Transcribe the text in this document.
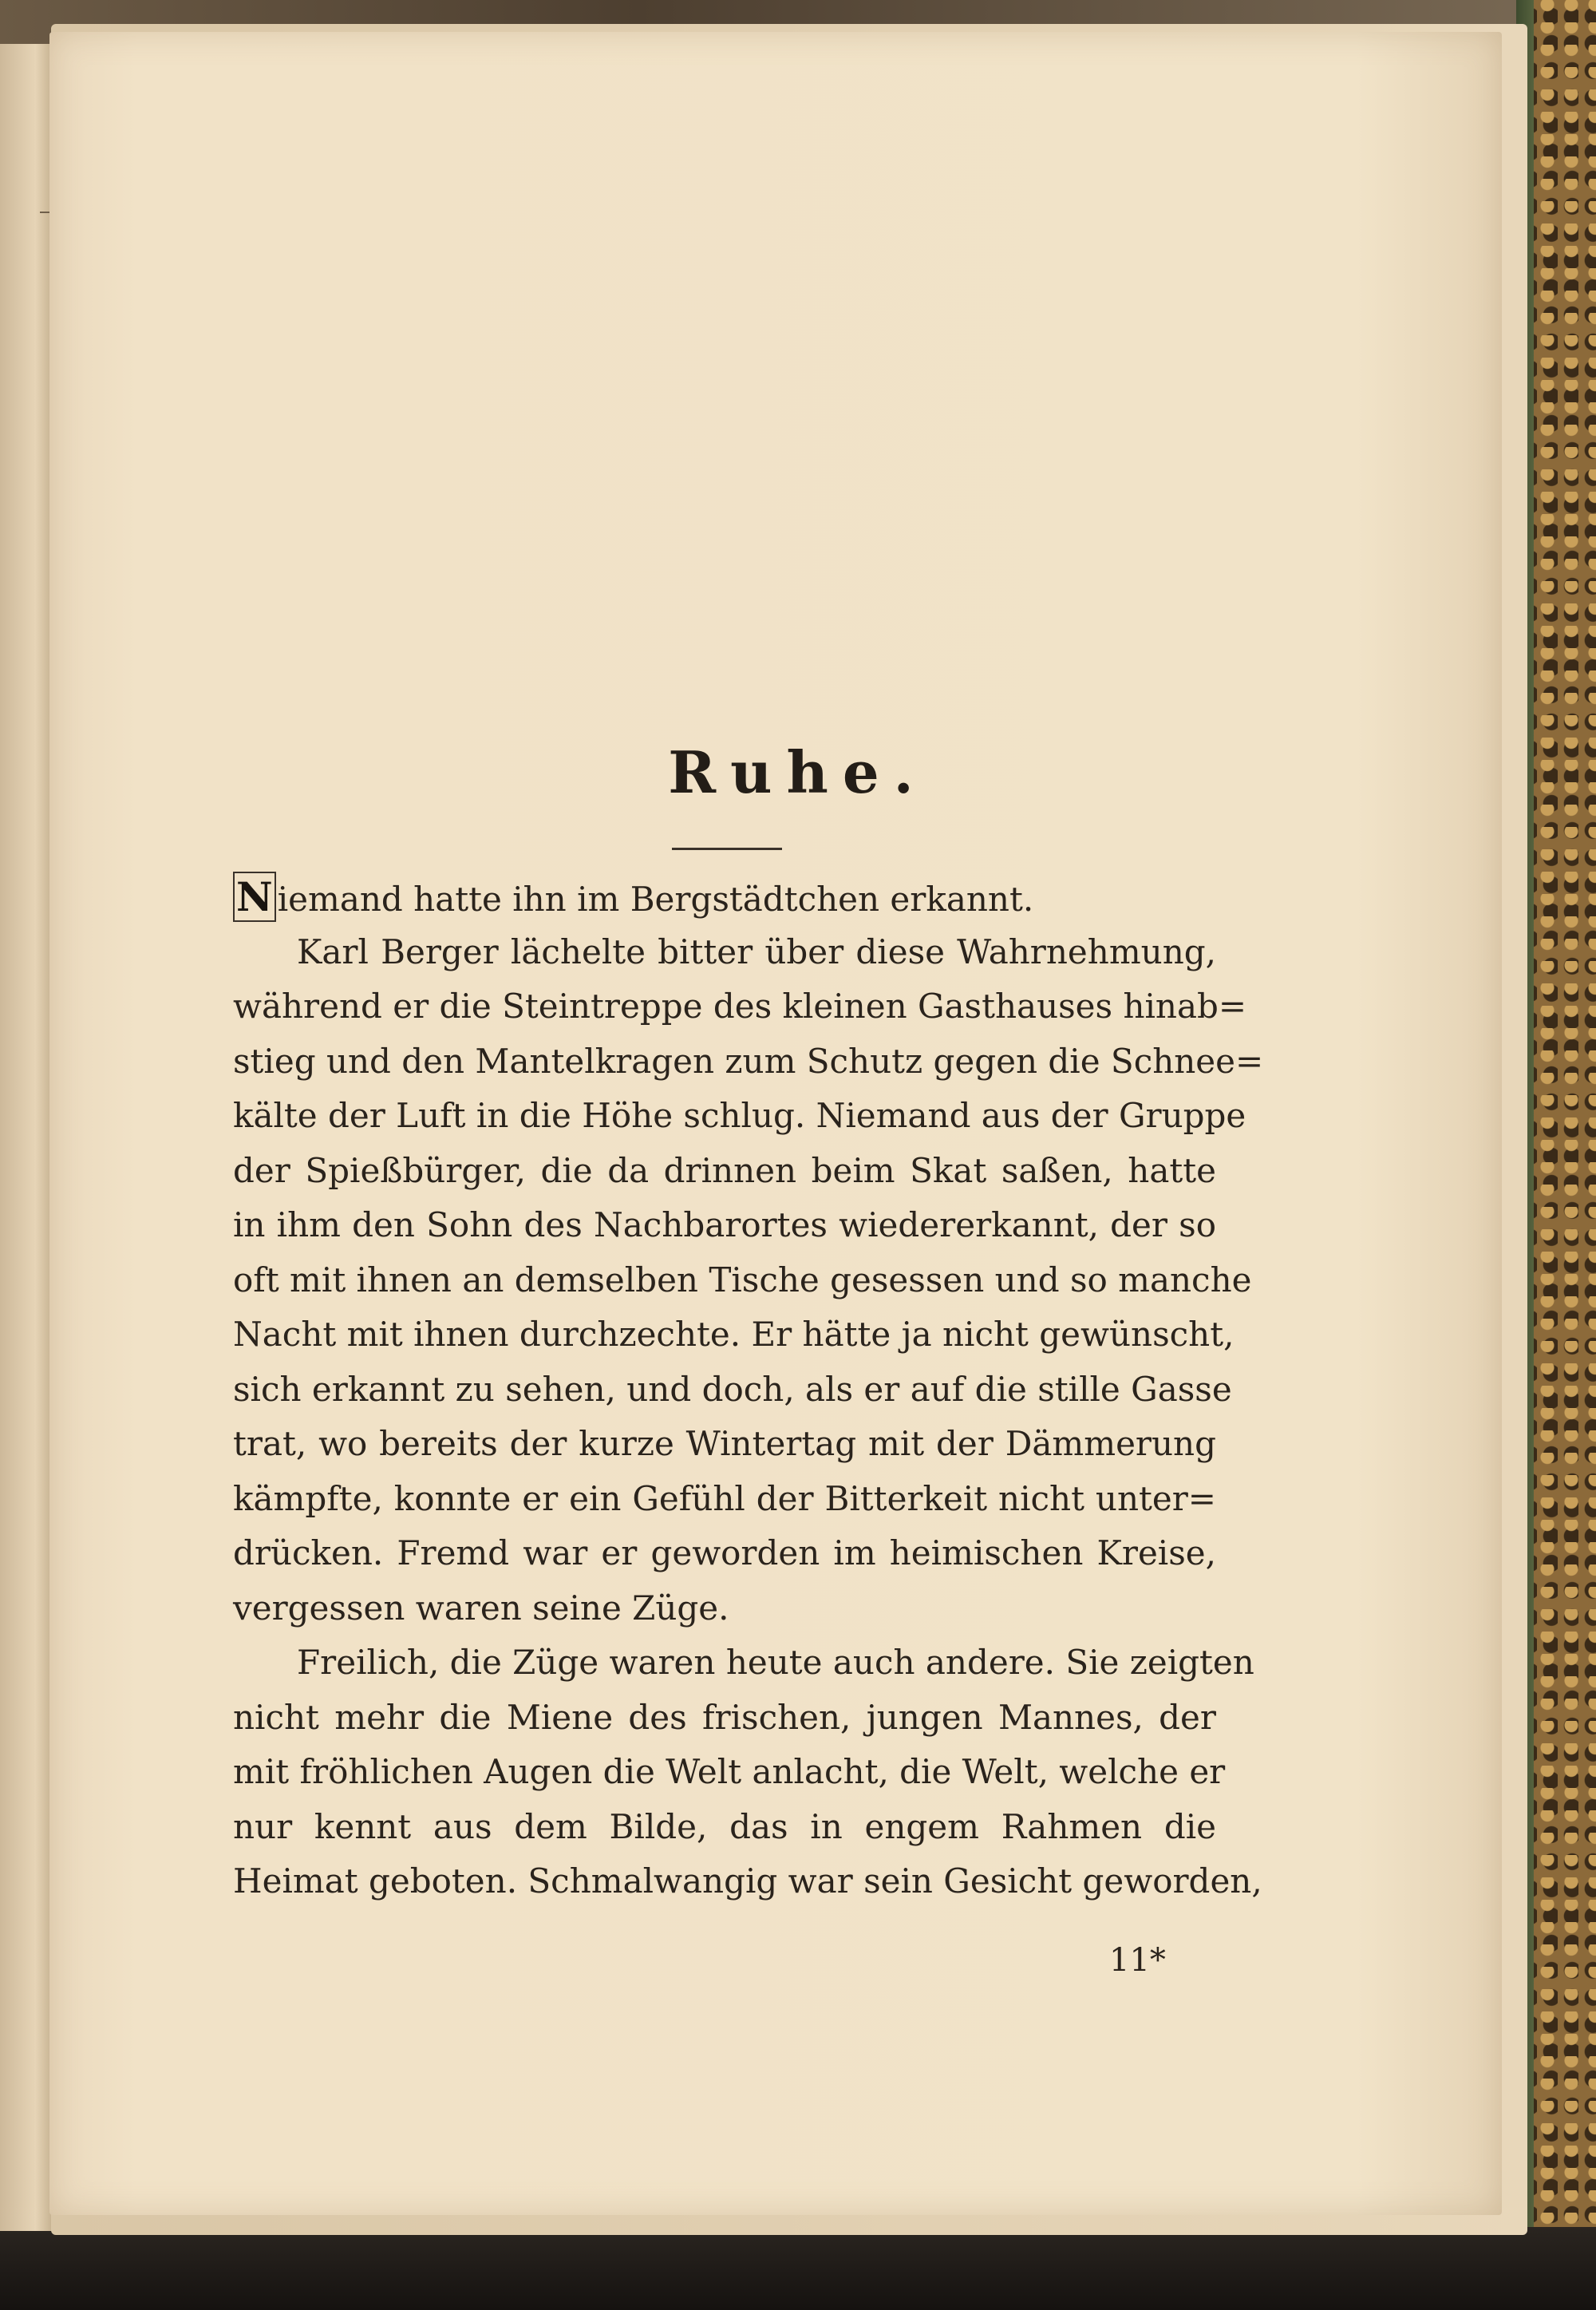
Ruhe.
N iemand hatte ihn im Bergstädtchen erkannt.
Karl Berger lächelte bitter über diese Wahrnehmung,
während er die Steintreppe des kleinen Gasthauses hinab=
stieg und den Mantelkragen zum Schutz gegen die Schnee=
kälte der Luft in die Höhe schlug. Niemand aus der Gruppe
der Spießbürger, die da drinnen beim Skat saßen, hatte
in ihm den Sohn des Nachbarortes wiedererkannt, der so
oft mit ihnen an demselben Tische gesessen und so manche
Nacht mit ihnen durchzechte. Er hätte ja nicht gewünscht,
sich erkannt zu sehen, und doch, als er auf die stille Gasse
trat, wo bereits der kurze Wintertag mit der Dämmerung
kämpfte, konnte er ein Gefühl der Bitterkeit nicht unter=
drücken. Fremd war er geworden im heimischen Kreise,
vergessen waren seine Züge.
Freilich, die Züge waren heute auch andere. Sie zeigten
nicht mehr die Miene des frischen, jungen Mannes, der
mit fröhlichen Augen die Welt anlacht, die Welt, welche er
nur kennt aus dem Bilde, das in engem Rahmen die
Heimat geboten. Schmalwangig war sein Gesicht geworden,
11*
